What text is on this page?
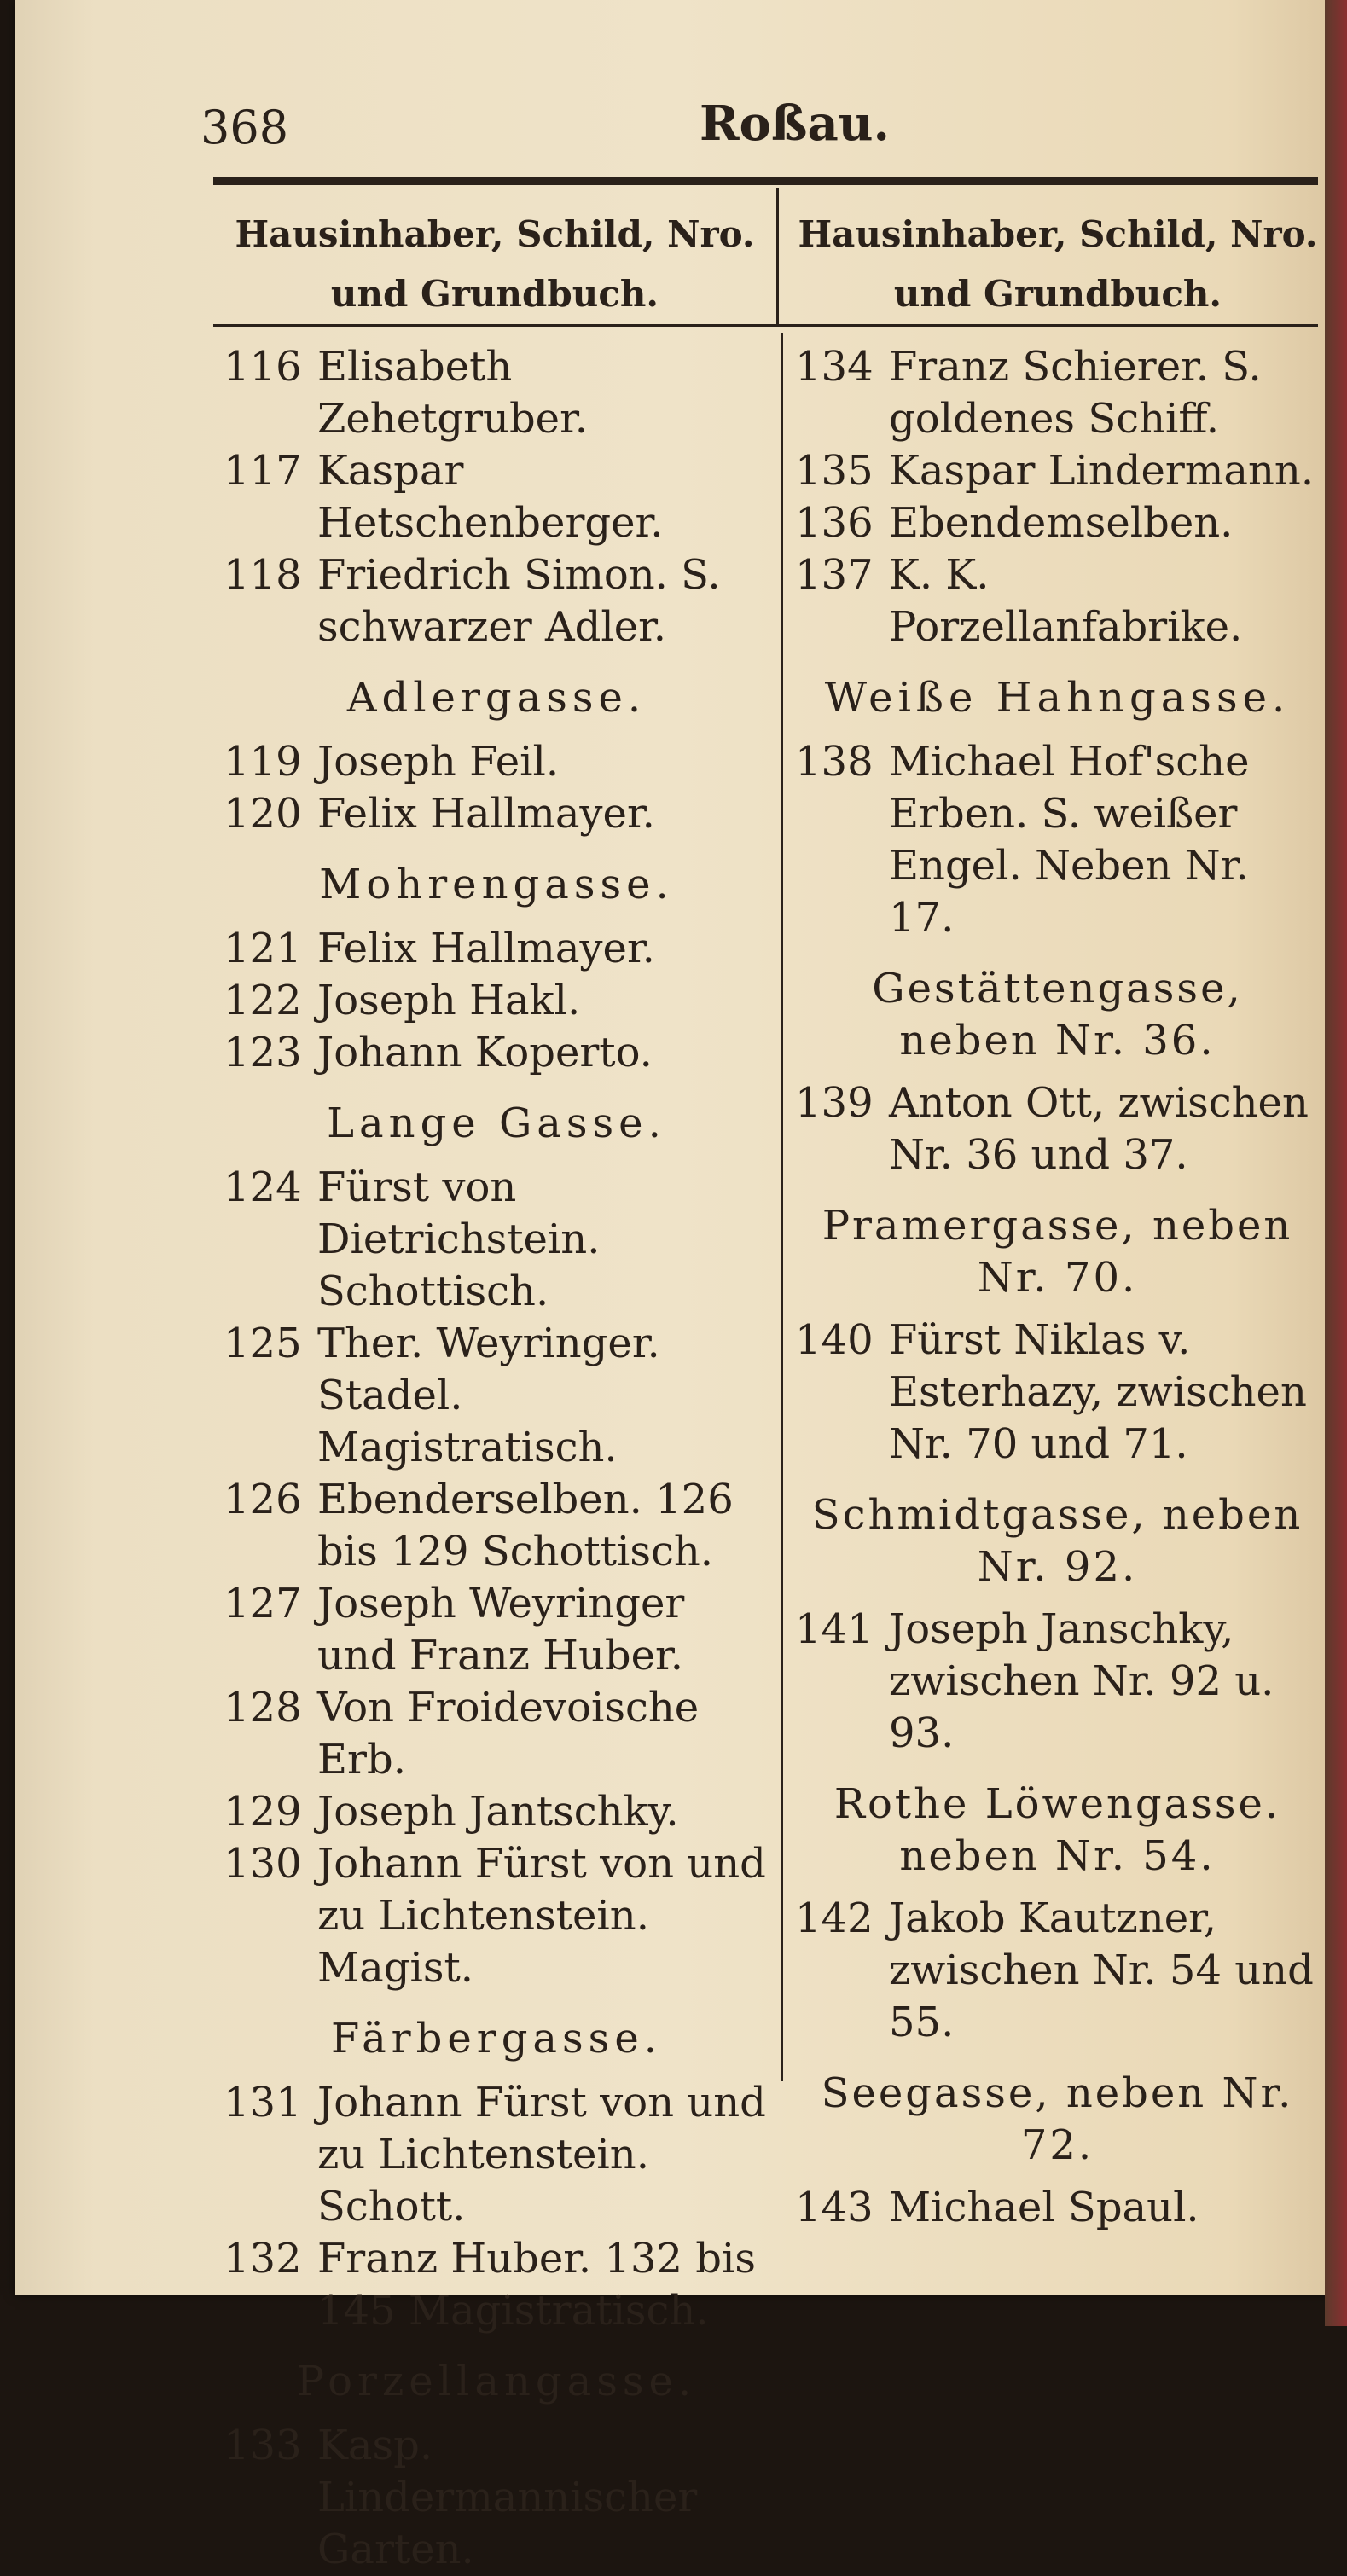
368	Roßau.
Hausinhaber, Schild, Nro. und Grundbuch.
Hausinhaber, Schild, Nro. und Grundbuch.
116 Elisabeth Zehetgruber.
117 Kaspar Hetschenberger.
118 Friedrich Simon. S. schwarzer Adler.
Adlergasse.
119 Joseph Feil.
120 Felix Hallmayer.
Mohrengasse.
121 Felix Hallmayer.
122 Joseph Hakl.
123 Johann Koperto.
Lange Gasse.
124 Fürst von Dietrichstein. Schottisch.
125 Ther. Weyringer. Stadel. Magistratisch.
126 Ebenderselben. 126 bis 129 Schottisch.
127 Joseph Weyringer und Franz Huber.
128 Von Froidevoische Erb.
129 Joseph Jantschky.
130 Johann Fürst von und zu Lichtenstein. Magist.
Färbergasse.
131 Johann Fürst von und zu Lichtenstein. Schott.
132 Franz Huber. 132 bis 145 Magistratisch.
Porzellangasse.
133 Kasp. Lindermannischer Garten.
134 Franz Schierer. S. goldenes Schiff.
135 Kaspar Lindermann.
136 Ebendemselben.
137 K. K. Porzellanfabrike.
Weiße Hahngasse.
138 Michael Hof'sche Erben. S. weißer Engel. Neben Nr. 17.
Gestättengasse, neben Nr. 36.
139 Anton Ott, zwischen Nr. 36 und 37.
Pramergasse, neben Nr. 70.
140 Fürst Niklas v. Esterhazy, zwischen Nr. 70 und 71.
Schmidtgasse, neben Nr. 92.
141 Joseph Janschky, zwischen Nr. 92 u. 93.
Rothe Löwengasse. neben Nr. 54.
142 Jakob Kautzner, zwischen Nr. 54 und 55.
Seegasse, neben Nr. 72.
143 Michael Spaul.
